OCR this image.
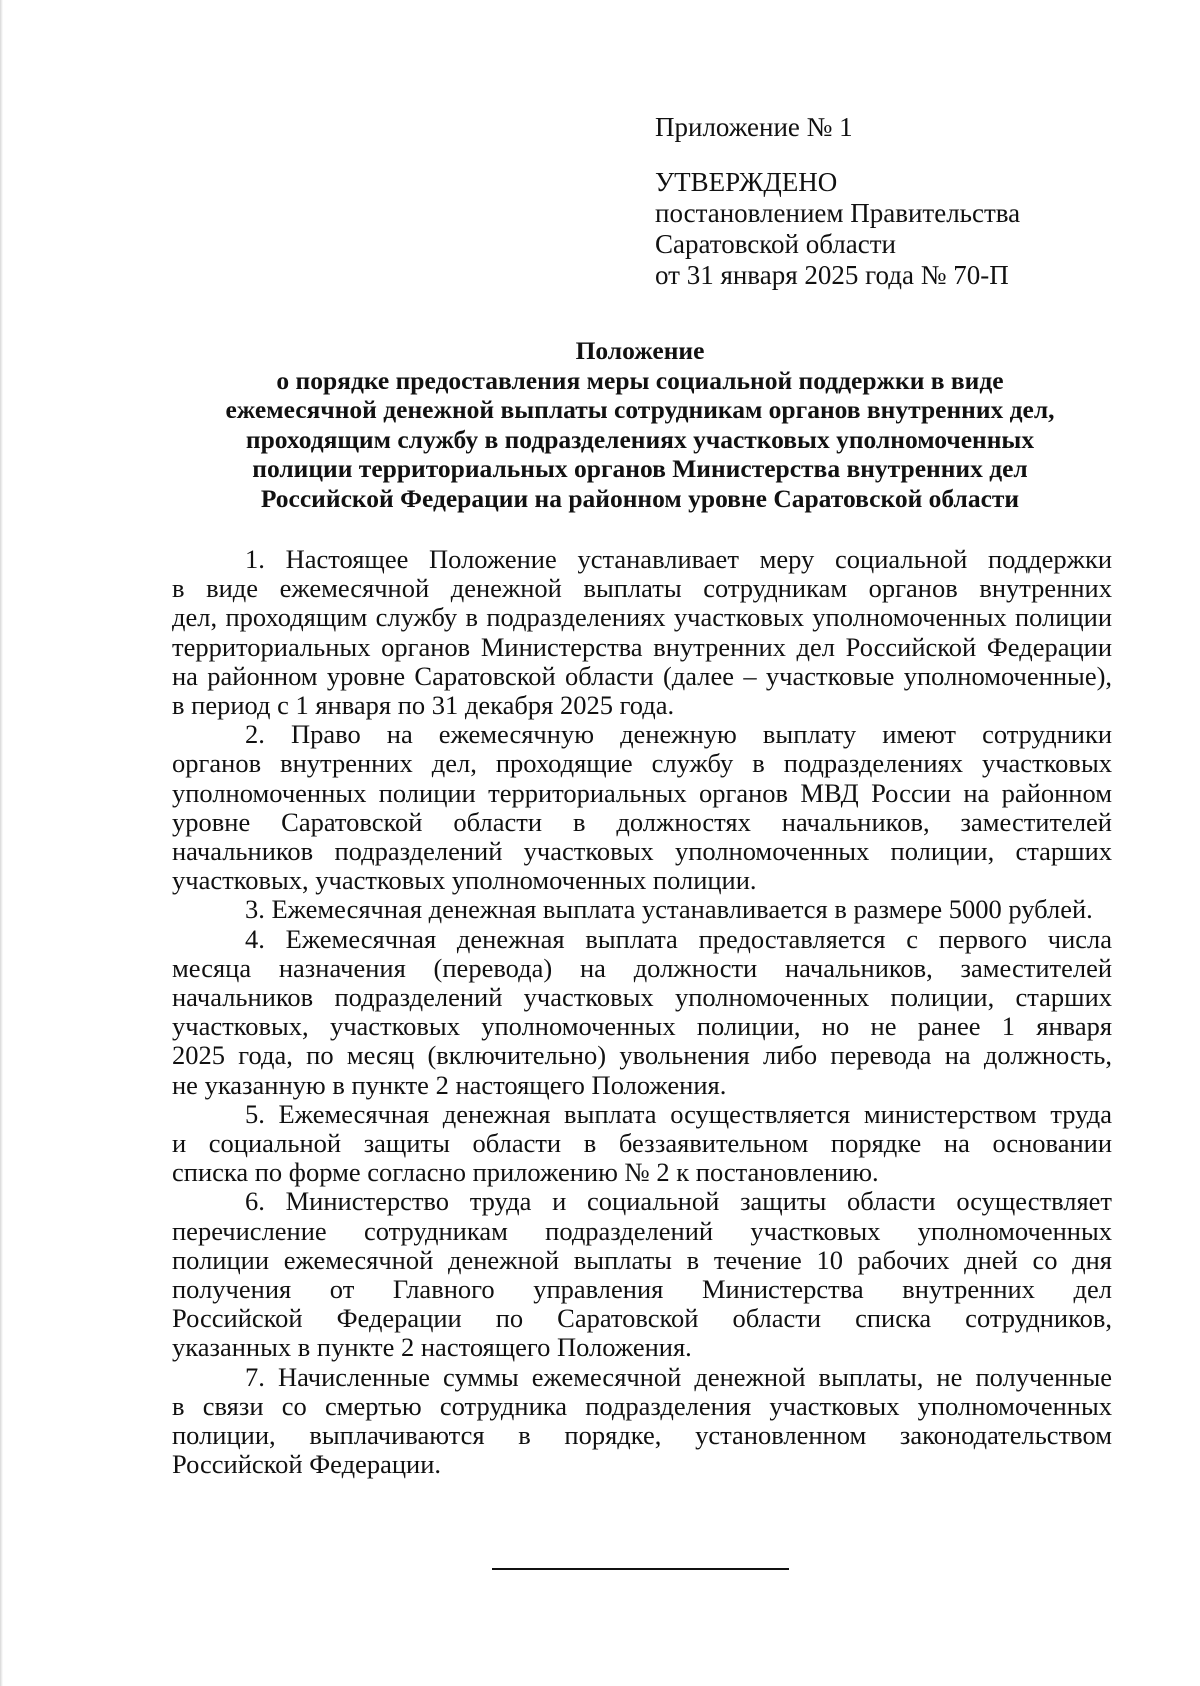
Приложение № 1
УТВЕРЖДЕНО
постановлением Правительства
Саратовской области
от 31 января 2025 года № 70-П
Положение
о порядке предоставления меры социальной поддержки в виде
ежемесячной денежной выплаты сотрудникам органов внутренних дел,
проходящим службу в подразделениях участковых уполномоченных
полиции территориальных органов Министерства внутренних дел
Российской Федерации на районном уровне Саратовской области
1. Настоящее Положение устанавливает меру социальной поддержки
в виде ежемесячной денежной выплаты сотрудникам органов внутренних
дел, проходящим службу в подразделениях участковых уполномоченных полиции
территориальных органов Министерства внутренних дел Российской Федерации
на районном уровне Саратовской области (далее – участковые уполномоченные),
в период с 1 января по 31 декабря 2025 года.
2. Право на ежемесячную денежную выплату имеют сотрудники
органов внутренних дел, проходящие службу в подразделениях участковых
уполномоченных полиции территориальных органов МВД России на районном
уровне Саратовской области в должностях начальников, заместителей
начальников подразделений участковых уполномоченных полиции, старших
участковых, участковых уполномоченных полиции.
3. Ежемесячная денежная выплата устанавливается в размере 5000 рублей.
4. Ежемесячная денежная выплата предоставляется с первого числа
месяца назначения (перевода) на должности начальников, заместителей
начальников подразделений участковых уполномоченных полиции, старших
участковых, участковых уполномоченных полиции, но не ранее 1 января
2025 года, по месяц (включительно) увольнения либо перевода на должность,
не указанную в пункте 2 настоящего Положения.
5. Ежемесячная денежная выплата осуществляется министерством труда
и социальной защиты области в беззаявительном порядке на основании
списка по форме согласно приложению № 2 к постановлению.
6. Министерство труда и социальной защиты области осуществляет
перечисление сотрудникам подразделений участковых уполномоченных
полиции ежемесячной денежной выплаты в течение 10 рабочих дней со дня
получения от Главного управления Министерства внутренних дел
Российской Федерации по Саратовской области списка сотрудников,
указанных в пункте 2 настоящего Положения.
7. Начисленные суммы ежемесячной денежной выплаты, не полученные
в связи со смертью сотрудника подразделения участковых уполномоченных
полиции, выплачиваются в порядке, установленном законодательством
Российской Федерации.
